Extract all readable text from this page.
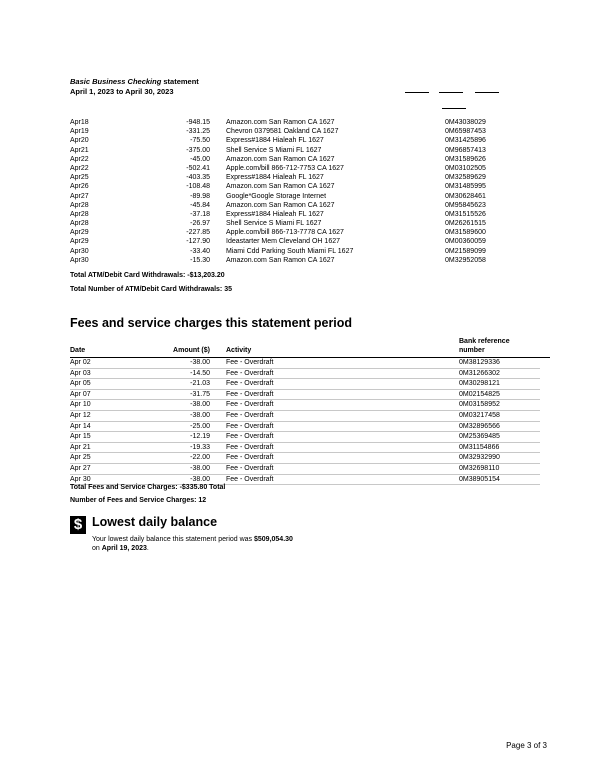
Basic Business Checking statement
April 1, 2023 to April 30, 2023
Apr18	-948.15 Amazon.com San Ramon CA 1627	0M43038029
Apr19	-331.25 Chevron 0379581 Oakland CA 1627	0M65987453
Apr20	-75.50 Express#1884 Hialeah FL 1627	0M31425896
Apr21	-375.00 Shell Service S Miami FL 1627	0M96857413
Apr22	-45.00 Amazon.com San Ramon CA 1627	0M31589626
Apr22	-502.41 Apple.com/bill 866-712-7753 CA 1627	0M03102505
Apr25	-403.35 Express#1884 Hialeah FL 1627	0M32589629
Apr26	-108.48 Amazon.com San Ramon CA 1627	0M31485995
Apr27	-89.98 Google*Google Storage Internet	0M30628461
Apr28	-45.84 Amazon.com San Ramon CA 1627	0M95845623
Apr28	-37.18 Express#1884 Hialeah FL 1627	0M31515526
Apr28	-26.97 Shell Service S Miami FL 1627	0M26261515
Apr29	-227.85 Apple.com/bill 866-713-7778 CA 1627	0M31589600
Apr29	-127.90 Ideastarter Mem Cleveland OH 1627	0M00360059
Apr30	-33.40 Miami Cdd Parking South Miami FL 1627	0M21589099
Apr30	-15.30 Amazon.com San Ramon CA 1627	0M32952058
Total ATM/Debit Card Withdrawals: -$13,203.20
Total Number of ATM/Debit Card Withdrawals: 35
Fees and service charges this statement period
Date	Amount ($) Activity
Bank reference number
Apr 02	-38.00 Fee - Overdraft	0M38129336
Apr 03	-14.50 Fee - Overdraft	0M31266302
Apr 05	-21.03 Fee - Overdraft	0M30298121
Apr 07	-31.75 Fee - Overdraft	0M02154825
Apr 10	-38.00 Fee - Overdraft	0M03158952
Apr 12	-38.00 Fee - Overdraft	0M03217458
Apr 14	-25.00 Fee - Overdraft	0M32896566
Apr 15	-12.19 Fee - Overdraft	0M25369485
Apr 21	-19.33 Fee - Overdraft	0M31154866
Apr 25	-22.00 Fee - Overdraft	0M32932990
Apr 27	-38.00 Fee - Overdraft	0M32698110
Apr 30	-38.00 Fee - Overdraft	0M38905154
Total Fees and Service Charges: -$335.80 Total
Number of Fees and Service Charges: 12
$ Lowest daily balance
Your lowest daily balance this statement period was $509,054.30
on April 19, 2023.
Page 3 of 3
